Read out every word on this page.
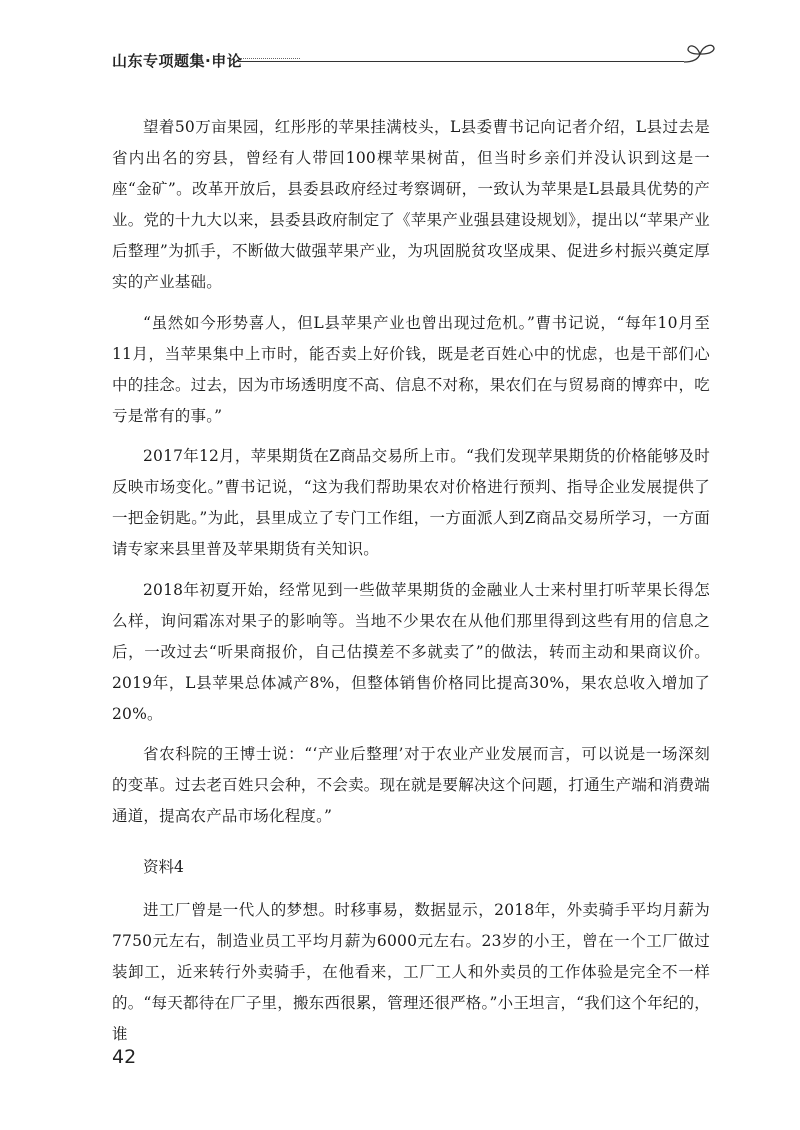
山东专项题集·申论

望着50万亩果园，红彤彤的苹果挂满枝头，L县委曹书记向记者介绍，L县过去是省内出名的穷县，曾经有人带回100棵苹果树苗，但当时乡亲们并没认识到这是一座“金矿”。改革开放后，县委县政府经过考察调研，一致认为苹果是L县最具优势的产业。党的十九大以来，县委县政府制定了《苹果产业强县建设规划》，提出以“苹果产业后整理”为抓手，不断做大做强苹果产业，为巩固脱贫攻坚成果、促进乡村振兴奠定厚实的产业基础。

“虽然如今形势喜人，但L县苹果产业也曾出现过危机。”曹书记说，“每年10月至11月，当苹果集中上市时，能否卖上好价钱，既是老百姓心中的忧虑，也是干部们心中的挂念。过去，因为市场透明度不高、信息不对称，果农们在与贸易商的博弈中，吃亏是常有的事。”

2017年12月，苹果期货在Z商品交易所上市。“我们发现苹果期货的价格能够及时反映市场变化。”曹书记说，“这为我们帮助果农对价格进行预判、指导企业发展提供了一把金钥匙。”为此，县里成立了专门工作组，一方面派人到Z商品交易所学习，一方面请专家来县里普及苹果期货有关知识。

2018年初夏开始，经常见到一些做苹果期货的金融业人士来村里打听苹果长得怎么样，询问霜冻对果子的影响等。当地不少果农在从他们那里得到这些有用的信息之后，一改过去“听果商报价，自己估摸差不多就卖了”的做法，转而主动和果商议价。2019年，L县苹果总体减产8%，但整体销售价格同比提高30%，果农总收入增加了20%。

省农科院的王博士说：“‘产业后整理’对于农业产业发展而言，可以说是一场深刻的变革。过去老百姓只会种，不会卖。现在就是要解决这个问题，打通生产端和消费端通道，提高农产品市场化程度。”

资料4

进工厂曾是一代人的梦想。时移事易，数据显示，2018年，外卖骑手平均月薪为7750元左右，制造业员工平均月薪为6000元左右。23岁的小王，曾在一个工厂做过装卸工，近来转行外卖骑手，在他看来，工厂工人和外卖员的工作体验是完全不一样的。“每天都待在厂子里，搬东西很累，管理还很严格。”小王坦言，“我们这个年纪的，谁

42
